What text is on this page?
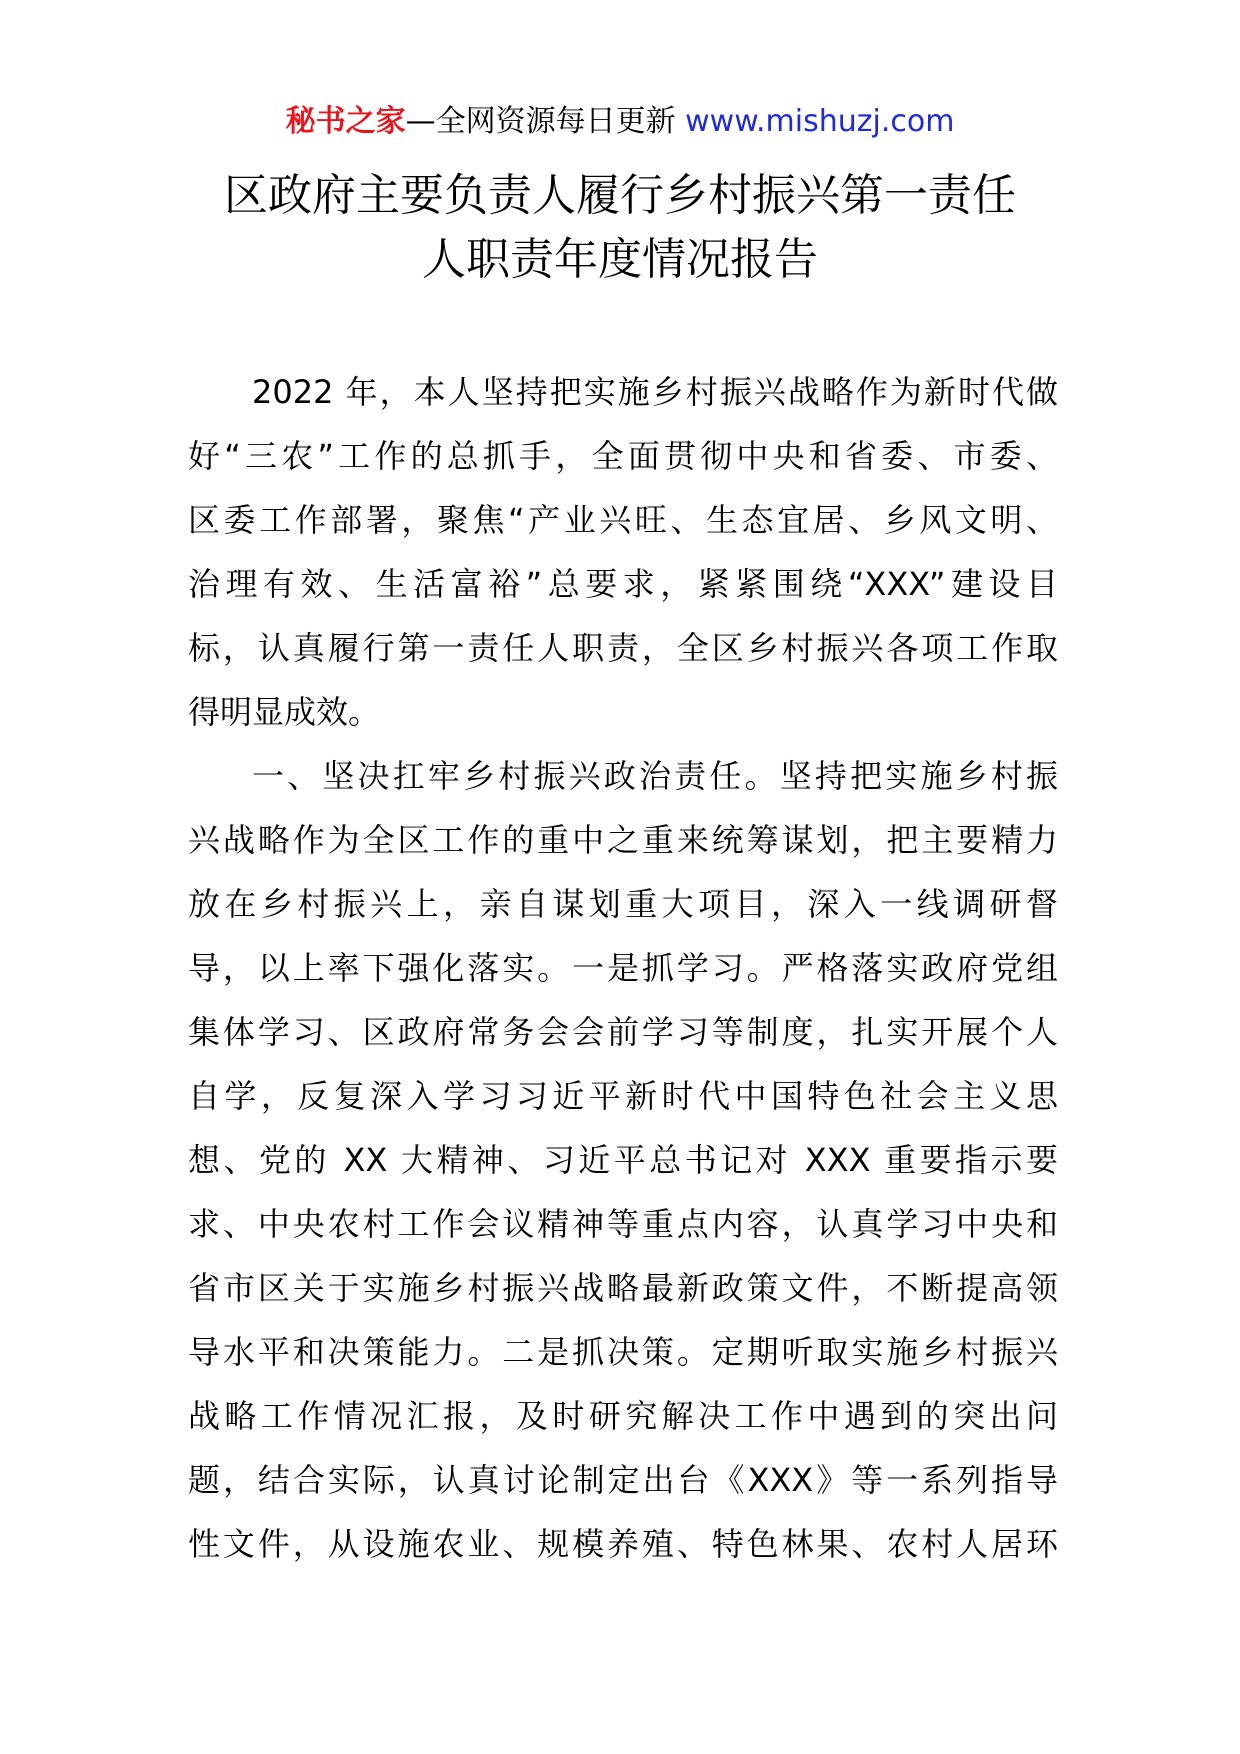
秘书之家—全网资源每日更新 www.mishuzj.com
区政府主要负责人履行乡村振兴第一责任
人职责年度情况报告
2022 年，本人坚持把实施乡村振兴战略作为新时代做
好“三农”工作的总抓手，全面贯彻中央和省委、市委、
区委工作部署，聚焦“产业兴旺、生态宜居、乡风文明、
治理有效、生活富裕”总要求，紧紧围绕“XXX”建设目
标，认真履行第一责任人职责，全区乡村振兴各项工作取
得明显成效。
一、坚决扛牢乡村振兴政治责任。坚持把实施乡村振
兴战略作为全区工作的重中之重来统筹谋划，把主要精力
放在乡村振兴上，亲自谋划重大项目，深入一线调研督
导，以上率下强化落实。一是抓学习。严格落实政府党组
集体学习、区政府常务会会前学习等制度，扎实开展个人
自学，反复深入学习习近平新时代中国特色社会主义思
想、党的 XX 大精神、习近平总书记对 XXX 重要指示要
求、中央农村工作会议精神等重点内容，认真学习中央和
省市区关于实施乡村振兴战略最新政策文件，不断提高领
导水平和决策能力。二是抓决策。定期听取实施乡村振兴
战略工作情况汇报，及时研究解决工作中遇到的突出问
题，结合实际，认真讨论制定出台《XXX》等一系列指导
性文件，从设施农业、规模养殖、特色林果、农村人居环
